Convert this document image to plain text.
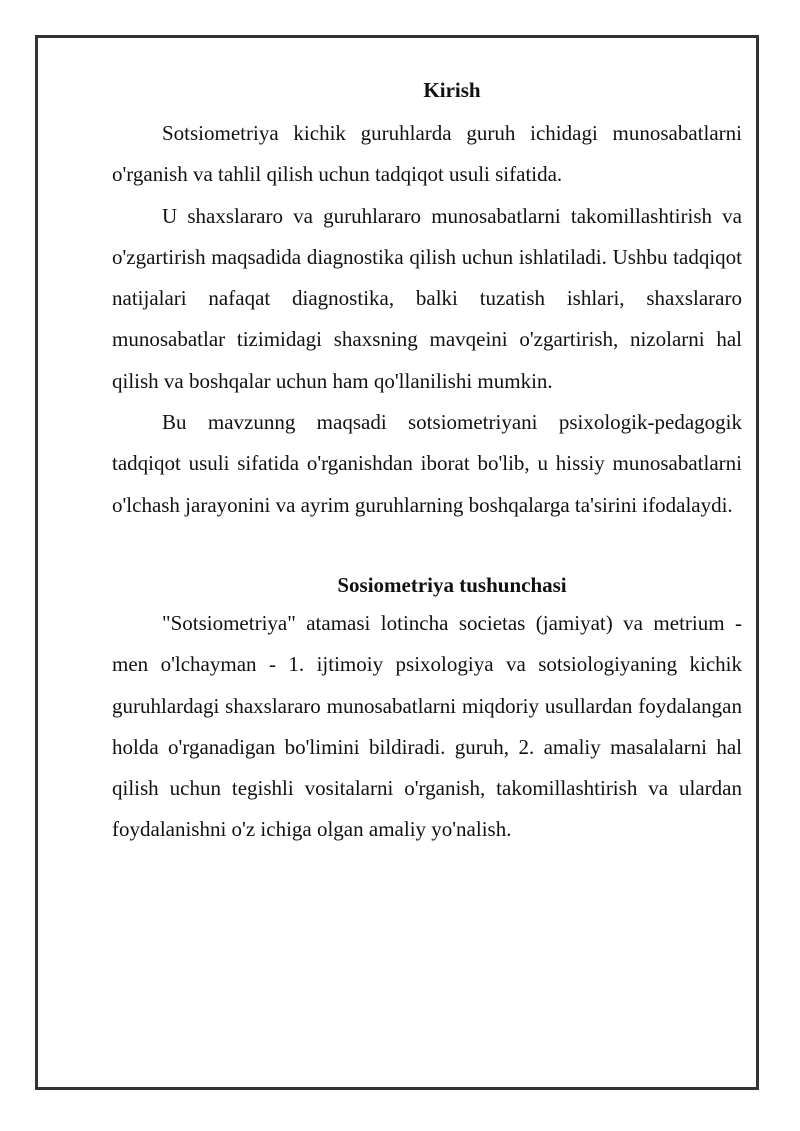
Kirish

Sotsiometriya kichik guruhlarda guruh ichidagi munosabatlarni o'rganish va tahlil qilish uchun tadqiqot usuli sifatida.

U shaxslararo va guruhlararo munosabatlarni takomillashtirish va o'zgartirish maqsadida diagnostika qilish uchun ishlatiladi. Ushbu tadqiqot natijalari nafaqat diagnostika, balki tuzatish ishlari, shaxslararo munosabatlar tizimidagi shaxsning mavqeini o'zgartirish, nizolarni hal qilish va boshqalar uchun ham qo'llanilishi mumkin.

Bu mavzunng maqsadi sotsiometriyani psixologik-pedagogik tadqiqot usuli sifatida o'rganishdan iborat bo'lib, u hissiy munosabatlarni o'lchash jarayonini va ayrim guruhlarning boshqalarga ta'sirini ifodalaydi.

Sosiometriya tushunchasi

"Sotsiometriya" atamasi lotincha societas (jamiyat) va metrium - men o'lchayman - 1. ijtimoiy psixologiya va sotsiologiyaning kichik guruhlardagi shaxslararo munosabatlarni miqdoriy usullardan foydalangan holda o'rganadigan bo'limini bildiradi. guruh, 2. amaliy masalalarni hal qilish uchun tegishli vositalarni o'rganish, takomillashtirish va ulardan foydalanishni o'z ichiga olgan amaliy yo'nalish.
